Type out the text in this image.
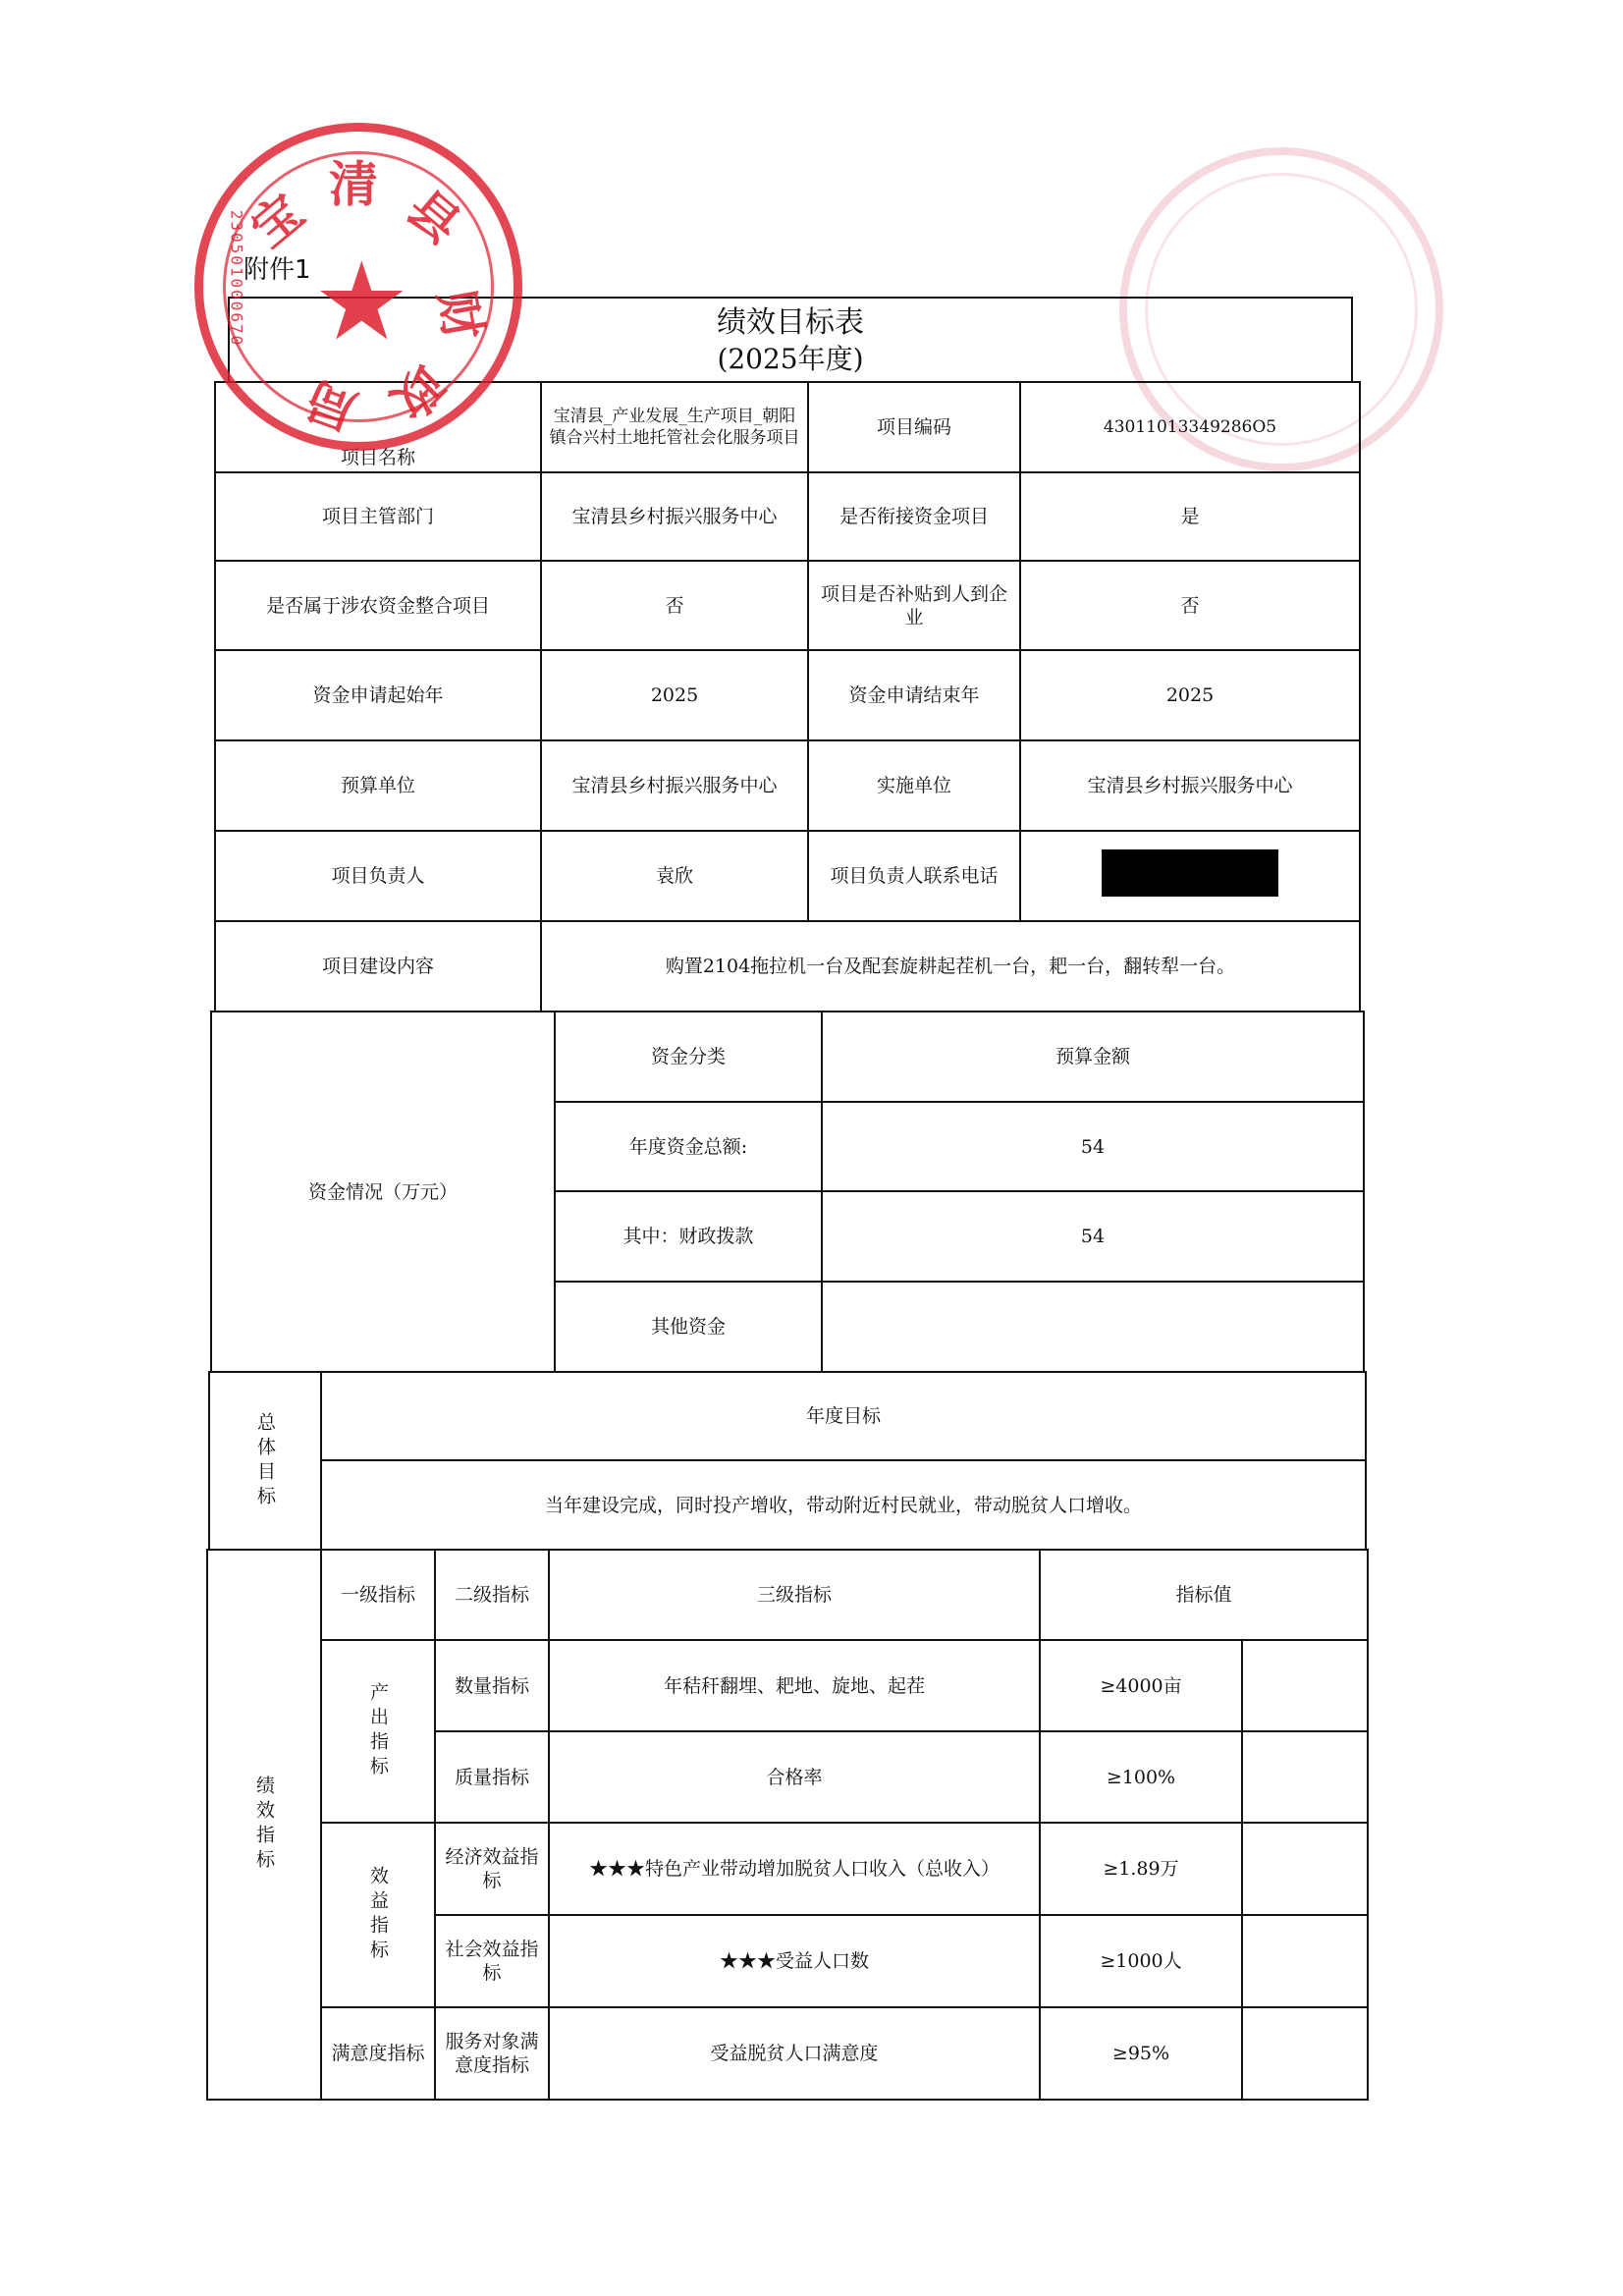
附件1
绩效目标表
(2025年度)
项目名称	宝清县_产业发展_生产项目_朝阳镇合兴村土地托管社会化服务项目	项目编码	43011013349286O5
项目主管部门	宝清县乡村振兴服务中心	是否衔接资金项目	是
是否属于涉农资金整合项目	否	项目是否补贴到人到企业	否
资金申请起始年	2025	资金申请结束年	2025
预算单位	宝清县乡村振兴服务中心	实施单位	宝清县乡村振兴服务中心
项目负责人	袁欣	项目负责人联系电话	
项目建设内容	购置2104拖拉机一台及配套旋耕起茬机一台，耙一台，翻转犁一台。		
资金情况（万元）	资金分类	预算金额
	年度资金总额:	54
	其中：财政拨款	54
	其他资金	
总体目标	年度目标
当年建设完成，同时投产增收，带动附近村民就业，带动脱贫人口增收。
绩效指标	一级指标	二级指标	三级指标	指标值	
	产出指标	数量指标	年秸秆翻埋、耙地、旋地、起茬	≥4000亩	
		质量指标	合格率	≥100%	
	效益指标	经济效益指标	★★★特色产业带动增加脱贫人口收入（总收入）	≥1.89万	
		社会效益指标	★★★受益人口数	≥1000人	
	满意度指标	服务对象满意度指标	受益脱贫人口满意度	≥95%	
★
宝 清 县
财
政
局
230501000670
